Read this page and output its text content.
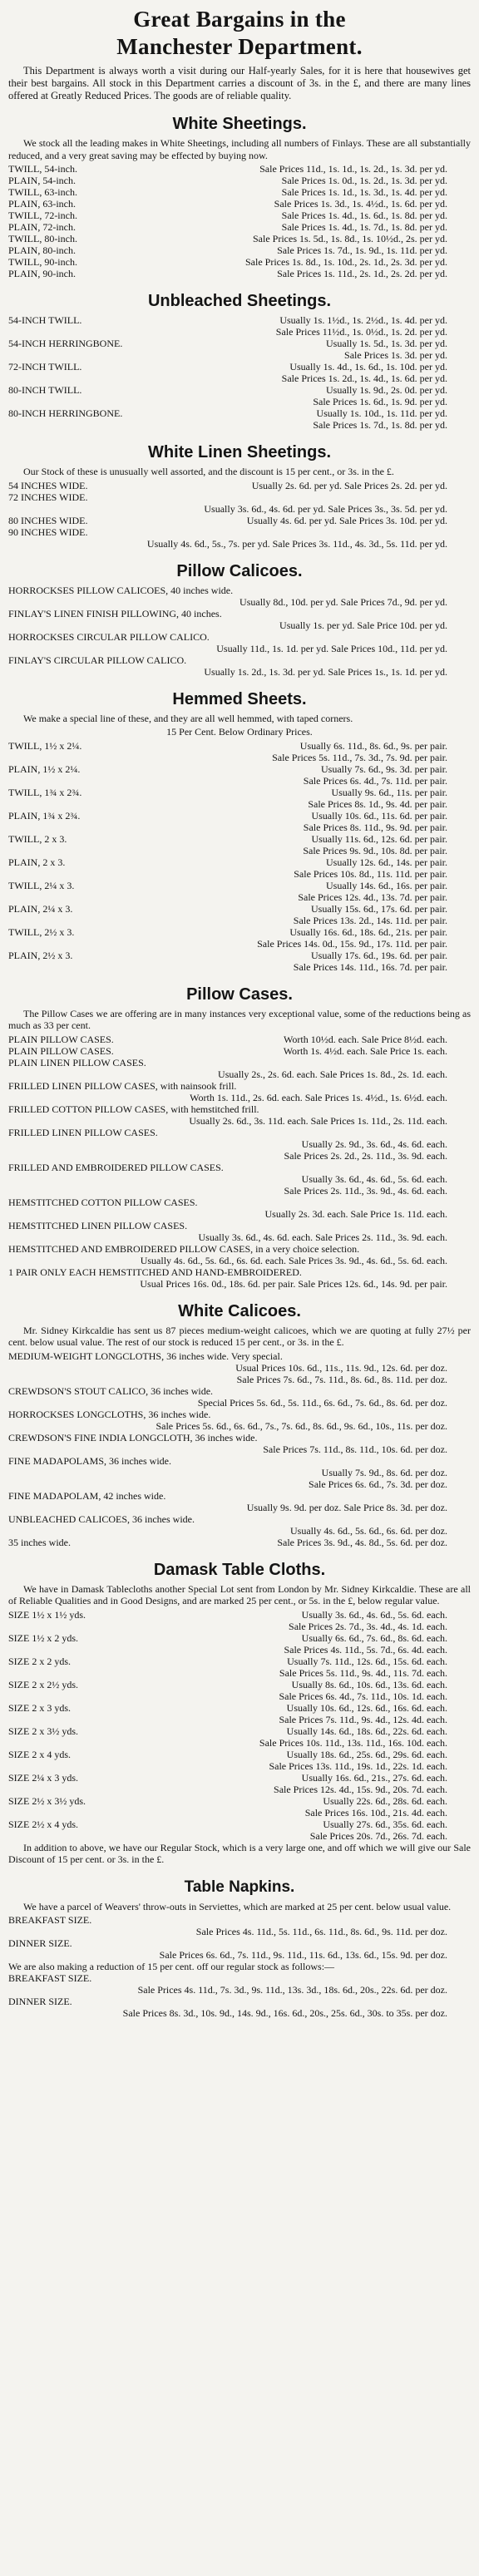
Great Bargains in the
Manchester Department.

This Department is always worth a visit during our Half-yearly Sales, for it is here that housewives get their best bargains. All stock in this Department carries a discount of 3s. in the £, and there are many lines offered at Greatly Reduced Prices. The goods are of reliable quality.

White Sheetings.

We stock all the leading makes in White Sheetings, including all numbers of Finlays. These are all substantially reduced, and a very great saving may be effected by buying now.

TWILL, 54-inch.	Sale Prices 11d., 1s. 1d., 1s. 2d., 1s. 3d. per yd.
PLAIN, 54-inch.	Sale Prices 1s. 0d., 1s. 2d., 1s. 3d. per yd.
TWILL, 63-inch.	Sale Prices 1s. 1d., 1s. 3d., 1s. 4d. per yd.
PLAIN, 63-inch.	Sale Prices 1s. 3d., 1s. 4½d., 1s. 6d. per yd.
TWILL, 72-inch.	Sale Prices 1s. 4d., 1s. 6d., 1s. 8d. per yd.
PLAIN, 72-inch.	Sale Prices 1s. 4d., 1s. 7d., 1s. 8d. per yd.
TWILL, 80-inch.	Sale Prices 1s. 5d., 1s. 8d., 1s. 10½d., 2s. per yd.
PLAIN, 80-inch.	Sale Prices 1s. 7d., 1s. 9d., 1s. 11d. per yd.
TWILL, 90-inch.	Sale Prices 1s. 8d., 1s. 10d., 2s. 1d., 2s. 3d. per yd.
PLAIN, 90-inch.	Sale Prices 1s. 11d., 2s. 1d., 2s. 2d. per yd.
Unbleached Sheetings.
54-INCH TWILL.	Usually 1s. 1½d., 1s. 2½d., 1s. 4d. per yd.
Sale Prices 11½d., 1s. 0½d., 1s. 2d. per yd.
54-INCH HERRINGBONE.	Usually 1s. 5d., 1s. 3d. per yd.
Sale Prices 1s. 3d. per yd.
72-INCH TWILL.	Usually 1s. 4d., 1s. 6d., 1s. 10d. per yd.
Sale Prices 1s. 2d., 1s. 4d., 1s. 6d. per yd.
80-INCH TWILL.	Usually 1s. 9d., 2s. 0d. per yd.
Sale Prices 1s. 6d., 1s. 9d. per yd.
80-INCH HERRINGBONE.	Usually 1s. 10d., 1s. 11d. per yd.
Sale Prices 1s. 7d., 1s. 8d. per yd.
White Linen Sheetings.

Our Stock of these is unusually well assorted, and the discount is 15 per cent., or 3s. in the £.

54 INCHES WIDE.	Usually 2s. 6d. per yd. Sale Prices 2s. 2d. per yd.
72 INCHES WIDE.
Usually 3s. 6d., 4s. 6d. per yd. Sale Prices 3s., 3s. 5d. per yd.
80 INCHES WIDE.	Usually 4s. 6d. per yd. Sale Prices 3s. 10d. per yd.
90 INCHES WIDE.
Usually 4s. 6d., 5s., 7s. per yd. Sale Prices 3s. 11d., 4s. 3d., 5s. 11d. per yd.
Pillow Calicoes.
HORROCKSES PILLOW CALICOES, 40 inches wide.
Usually 8d., 10d. per yd. Sale Prices 7d., 9d. per yd.
FINLAY'S LINEN FINISH PILLOWING, 40 inches.
Usually 1s. per yd. Sale Price 10d. per yd.
HORROCKSES CIRCULAR PILLOW CALICO.
Usually 11d., 1s. 1d. per yd. Sale Prices 10d., 11d. per yd.
FINLAY'S CIRCULAR PILLOW CALICO.
Usually 1s. 2d., 1s. 3d. per yd. Sale Prices 1s., 1s. 1d. per yd.
Hemmed Sheets.

We make a special line of these, and they are all well hemmed, with taped corners.

15 Per Cent. Below Ordinary Prices.
TWILL, 1½ x 2¼.	Usually 6s. 11d., 8s. 6d., 9s. per pair.
Sale Prices 5s. 11d., 7s. 3d., 7s. 9d. per pair.
PLAIN, 1½ x 2¼.	Usually 7s. 6d., 9s. 3d. per pair.
Sale Prices 6s. 4d., 7s. 11d. per pair.
TWILL, 1¾ x 2¾.	Usually 9s. 6d., 11s. per pair.
Sale Prices 8s. 1d., 9s. 4d. per pair.
PLAIN, 1¾ x 2¾.	Usually 10s. 6d., 11s. 6d. per pair.
Sale Prices 8s. 11d., 9s. 9d. per pair.
TWILL, 2 x 3.	Usually 11s. 6d., 12s. 6d. per pair.
Sale Prices 9s. 9d., 10s. 8d. per pair.
PLAIN, 2 x 3.	Usually 12s. 6d., 14s. per pair.
Sale Prices 10s. 8d., 11s. 11d. per pair.
TWILL, 2¼ x 3.	Usually 14s. 6d., 16s. per pair.
Sale Prices 12s. 4d., 13s. 7d. per pair.
PLAIN, 2¼ x 3.	Usually 15s. 6d., 17s. 6d. per pair.
Sale Prices 13s. 2d., 14s. 11d. per pair.
TWILL, 2½ x 3.	Usually 16s. 6d., 18s. 6d., 21s. per pair.
Sale Prices 14s. 0d., 15s. 9d., 17s. 11d. per pair.
PLAIN, 2½ x 3.	Usually 17s. 6d., 19s. 6d. per pair.
Sale Prices 14s. 11d., 16s. 7d. per pair.
Pillow Cases.

The Pillow Cases we are offering are in many instances very exceptional value, some of the reductions being as much as 33 per cent.

PLAIN PILLOW CASES.	Worth 10½d. each. Sale Price 8½d. each.
PLAIN PILLOW CASES.	Worth 1s. 4½d. each. Sale Price 1s. each.
PLAIN LINEN PILLOW CASES.
Usually 2s., 2s. 6d. each. Sale Prices 1s. 8d., 2s. 1d. each.
FRILLED LINEN PILLOW CASES, with nainsook frill.
Worth 1s. 11d., 2s. 6d. each. Sale Prices 1s. 4½d., 1s. 6½d. each.
FRILLED COTTON PILLOW CASES, with hemstitched frill.
Usually 2s. 6d., 3s. 11d. each. Sale Prices 1s. 11d., 2s. 11d. each.
FRILLED LINEN PILLOW CASES.
Usually 2s. 9d., 3s. 6d., 4s. 6d. each.
Sale Prices 2s. 2d., 2s. 11d., 3s. 9d. each.
FRILLED AND EMBROIDERED PILLOW CASES.
Usually 3s. 6d., 4s. 6d., 5s. 6d. each.
Sale Prices 2s. 11d., 3s. 9d., 4s. 6d. each.
HEMSTITCHED COTTON PILLOW CASES.
Usually 2s. 3d. each. Sale Price 1s. 11d. each.
HEMSTITCHED LINEN PILLOW CASES.
Usually 3s. 6d., 4s. 6d. each. Sale Prices 2s. 11d., 3s. 9d. each.
HEMSTITCHED AND EMBROIDERED PILLOW CASES, in a very choice selection.
Usually 4s. 6d., 5s. 6d., 6s. 6d. each. Sale Prices 3s. 9d., 4s. 6d., 5s. 6d. each.
1 PAIR ONLY EACH HEMSTITCHED AND HAND-EMBROIDERED.
Usual Prices 16s. 0d., 18s. 6d. per pair. Sale Prices 12s. 6d., 14s. 9d. per pair.
White Calicoes.

Mr. Sidney Kirkcaldie has sent us 87 pieces medium-weight calicoes, which we are quoting at fully 27½ per cent. below usual value. The rest of our stock is reduced 15 per cent., or 3s. in the £.

MEDIUM-WEIGHT LONGCLOTHS, 36 inches wide. Very special.
Usual Prices 10s. 6d., 11s., 11s. 9d., 12s. 6d. per doz.
Sale Prices 7s. 6d., 7s. 11d., 8s. 6d., 8s. 11d. per doz.
CREWDSON'S STOUT CALICO, 36 inches wide.
Special Prices 5s. 6d., 5s. 11d., 6s. 6d., 7s. 6d., 8s. 6d. per doz.
HORROCKSES LONGCLOTHS, 36 inches wide.
Sale Prices 5s. 6d., 6s. 6d., 7s., 7s. 6d., 8s. 6d., 9s. 6d., 10s., 11s. per doz.
CREWDSON'S FINE INDIA LONGCLOTH, 36 inches wide.
Sale Prices 7s. 11d., 8s. 11d., 10s. 6d. per doz.
FINE MADAPOLAMS, 36 inches wide.
Usually 7s. 9d., 8s. 6d. per doz.
Sale Prices 6s. 6d., 7s. 3d. per doz.
FINE MADAPOLAM, 42 inches wide.
Usually 9s. 9d. per doz. Sale Price 8s. 3d. per doz.
UNBLEACHED CALICOES, 36 inches wide.
Usually 4s. 6d., 5s. 6d., 6s. 6d. per doz.
35 inches wide.	Sale Prices 3s. 9d., 4s. 8d., 5s. 6d. per doz.
Damask Table Cloths.

We have in Damask Tablecloths another Special Lot sent from London by Mr. Sidney Kirkcaldie. These are all of Reliable Qualities and in Good Designs, and are marked 25 per cent., or 5s. in the £, below regular value.

SIZE 1½ x 1½ yds.	Usually 3s. 6d., 4s. 6d., 5s. 6d. each.
Sale Prices 2s. 7d., 3s. 4d., 4s. 1d. each.
SIZE 1½ x 2 yds.	Usually 6s. 6d., 7s. 6d., 8s. 6d. each.
Sale Prices 4s. 11d., 5s. 7d., 6s. 4d. each.
SIZE 2 x 2 yds.	Usually 7s. 11d., 12s. 6d., 15s. 6d. each.
Sale Prices 5s. 11d., 9s. 4d., 11s. 7d. each.
SIZE 2 x 2½ yds.	Usually 8s. 6d., 10s. 6d., 13s. 6d. each.
Sale Prices 6s. 4d., 7s. 11d., 10s. 1d. each.
SIZE 2 x 3 yds.	Usually 10s. 6d., 12s. 6d., 16s. 6d. each.
Sale Prices 7s. 11d., 9s. 4d., 12s. 4d. each.
SIZE 2 x 3½ yds.	Usually 14s. 6d., 18s. 6d., 22s. 6d. each.
Sale Prices 10s. 11d., 13s. 11d., 16s. 10d. each.
SIZE 2 x 4 yds.	Usually 18s. 6d., 25s. 6d., 29s. 6d. each.
Sale Prices 13s. 11d., 19s. 1d., 22s. 1d. each.
SIZE 2¼ x 3 yds.	Usually 16s. 6d., 21s., 27s. 6d. each.
Sale Prices 12s. 4d., 15s. 9d., 20s. 7d. each.
SIZE 2½ x 3½ yds.	Usually 22s. 6d., 28s. 6d. each.
Sale Prices 16s. 10d., 21s. 4d. each.
SIZE 2½ x 4 yds.	Usually 27s. 6d., 35s. 6d. each.
Sale Prices 20s. 7d., 26s. 7d. each.

In addition to above, we have our Regular Stock, which is a very large one, and off which we will give our Sale Discount of 15 per cent. or 3s. in the £.

Table Napkins.

We have a parcel of Weavers' throw-outs in Serviettes, which are marked at 25 per cent. below usual value.

BREAKFAST SIZE.
Sale Prices 4s. 11d., 5s. 11d., 6s. 11d., 8s. 6d., 9s. 11d. per doz.
DINNER SIZE.
Sale Prices 6s. 6d., 7s. 11d., 9s. 11d., 11s. 6d., 13s. 6d., 15s. 9d. per doz.
We are also making a reduction of 15 per cent. off our regular stock as follows:—
BREAKFAST SIZE.
Sale Prices 4s. 11d., 7s. 3d., 9s. 11d., 13s. 3d., 18s. 6d., 20s., 22s. 6d. per doz.
DINNER SIZE.
Sale Prices 8s. 3d., 10s. 9d., 14s. 9d., 16s. 6d., 20s., 25s. 6d., 30s. to 35s. per doz.
